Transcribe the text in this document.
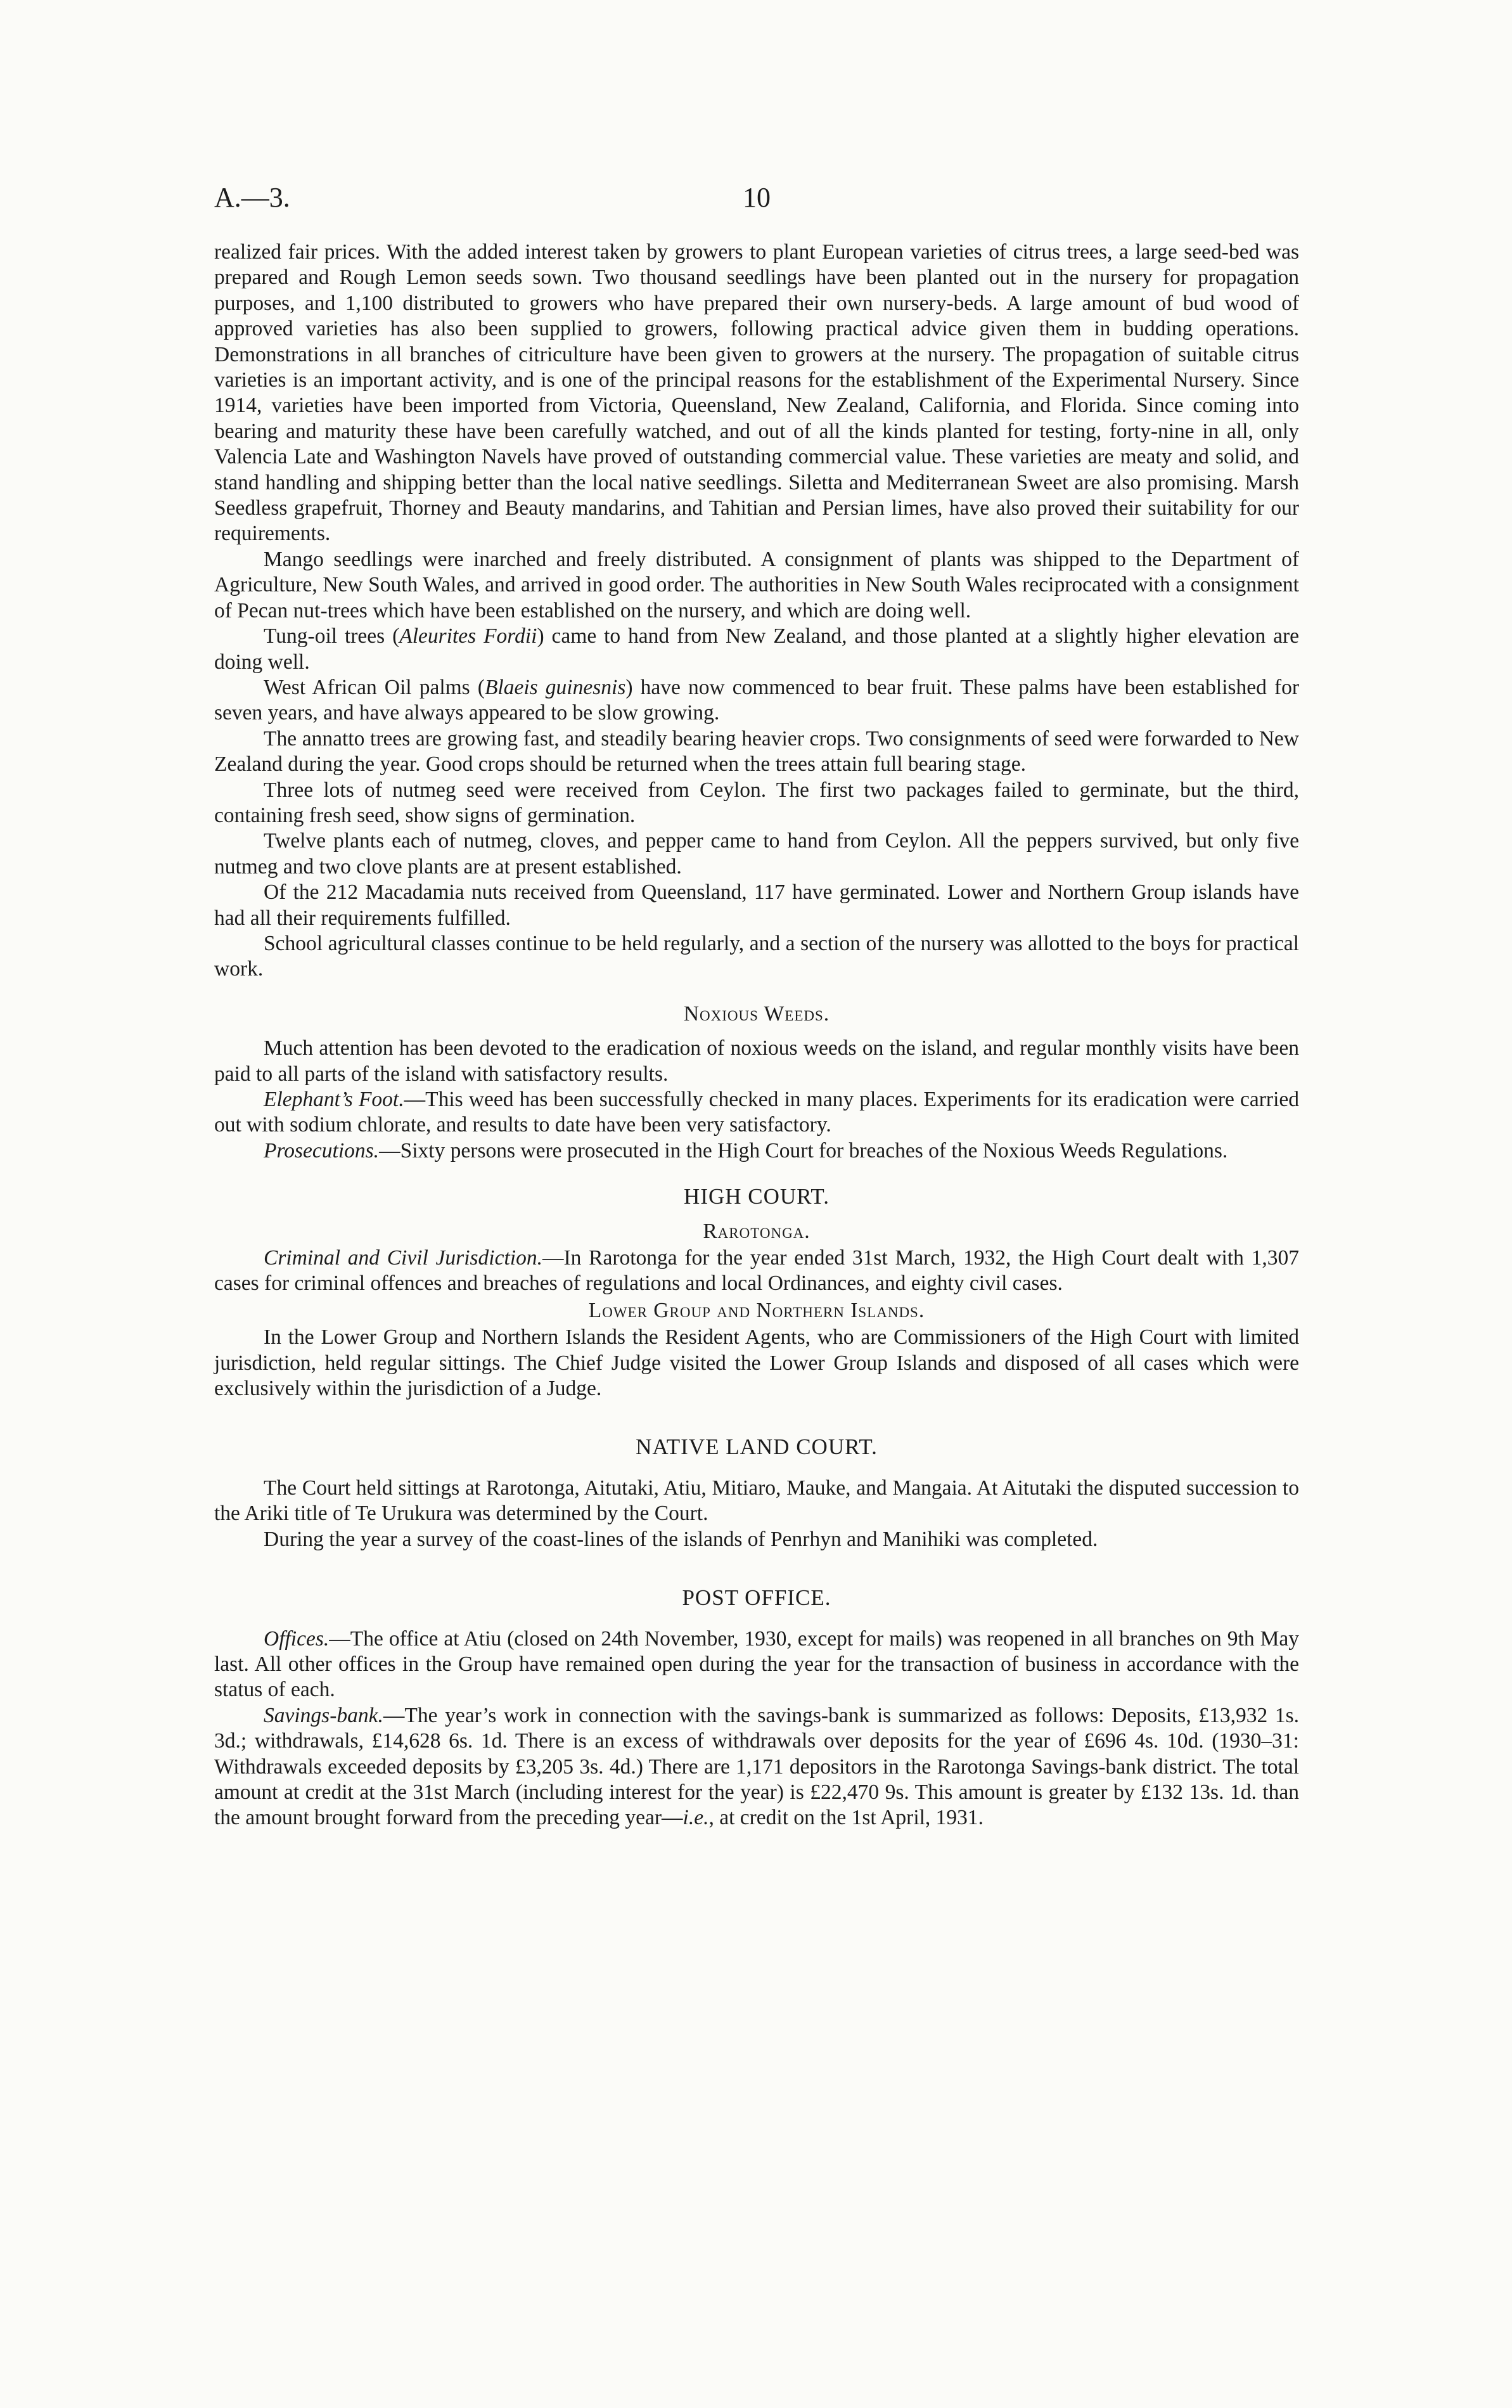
A.—3.	10

realized fair prices. With the added interest taken by growers to plant European varieties of citrus trees, a large seed-bed was prepared and Rough Lemon seeds sown. Two thousand seedlings have been planted out in the nursery for propagation purposes, and 1,100 distributed to growers who have prepared their own nursery-beds. A large amount of bud wood of approved varieties has also been supplied to growers, following practical advice given them in budding operations. Demonstrations in all branches of citriculture have been given to growers at the nursery. The propagation of suitable citrus varieties is an important activity, and is one of the principal reasons for the establishment of the Experimental Nursery. Since 1914, varieties have been imported from Victoria, Queensland, New Zealand, California, and Florida. Since coming into bearing and maturity these have been carefully watched, and out of all the kinds planted for testing, forty-nine in all, only Valencia Late and Washington Navels have proved of outstanding commercial value. These varieties are meaty and solid, and stand handling and shipping better than the local native seedlings. Siletta and Mediterranean Sweet are also promising. Marsh Seedless grapefruit, Thorney and Beauty mandarins, and Tahitian and Persian limes, have also proved their suitability for our requirements.

Mango seedlings were inarched and freely distributed. A consignment of plants was shipped to the Department of Agriculture, New South Wales, and arrived in good order. The authorities in New South Wales reciprocated with a consignment of Pecan nut-trees which have been established on the nursery, and which are doing well.

Tung-oil trees (Aleurites Fordii) came to hand from New Zealand, and those planted at a slightly higher elevation are doing well.

West African Oil palms (Blaeis guinesnis) have now commenced to bear fruit. These palms have been established for seven years, and have always appeared to be slow growing.

The annatto trees are growing fast, and steadily bearing heavier crops. Two consignments of seed were forwarded to New Zealand during the year. Good crops should be returned when the trees attain full bearing stage.

Three lots of nutmeg seed were received from Ceylon. The first two packages failed to germinate, but the third, containing fresh seed, show signs of germination.

Twelve plants each of nutmeg, cloves, and pepper came to hand from Ceylon. All the peppers survived, but only five nutmeg and two clove plants are at present established.

Of the 212 Macadamia nuts received from Queensland, 117 have germinated. Lower and Northern Group islands have had all their requirements fulfilled.

School agricultural classes continue to be held regularly, and a section of the nursery was allotted to the boys for practical work.

Noxious Weeds.

Much attention has been devoted to the eradication of noxious weeds on the island, and regular monthly visits have been paid to all parts of the island with satisfactory results.

Elephant’s Foot.—This weed has been successfully checked in many places. Experiments for its eradication were carried out with sodium chlorate, and results to date have been very satisfactory.

Prosecutions.—Sixty persons were prosecuted in the High Court for breaches of the Noxious Weeds Regulations.

HIGH COURT.
Rarotonga.

Criminal and Civil Jurisdiction.—In Rarotonga for the year ended 31st March, 1932, the High Court dealt with 1,307 cases for criminal offences and breaches of regulations and local Ordinances, and eighty civil cases.

Lower Group and Northern Islands.

In the Lower Group and Northern Islands the Resident Agents, who are Commissioners of the High Court with limited jurisdiction, held regular sittings. The Chief Judge visited the Lower Group Islands and disposed of all cases which were exclusively within the jurisdiction of a Judge.

NATIVE LAND COURT.

The Court held sittings at Rarotonga, Aitutaki, Atiu, Mitiaro, Mauke, and Mangaia. At Aitutaki the disputed succession to the Ariki title of Te Urukura was determined by the Court.

During the year a survey of the coast-lines of the islands of Penrhyn and Manihiki was completed.

POST OFFICE.

Offices.—The office at Atiu (closed on 24th November, 1930, except for mails) was reopened in all branches on 9th May last. All other offices in the Group have remained open during the year for the transaction of business in accordance with the status of each.

Savings-bank.—The year’s work in connection with the savings-bank is summarized as follows: Deposits, £13,932 1s. 3d.; withdrawals, £14,628 6s. 1d. There is an excess of withdrawals over deposits for the year of £696 4s. 10d. (1930–31: Withdrawals exceeded deposits by £3,205 3s. 4d.) There are 1,171 depositors in the Rarotonga Savings-bank district. The total amount at credit at the 31st March (including interest for the year) is £22,470 9s. This amount is greater by £132 13s. 1d. than the amount brought forward from the preceding year—i.e., at credit on the 1st April, 1931.
